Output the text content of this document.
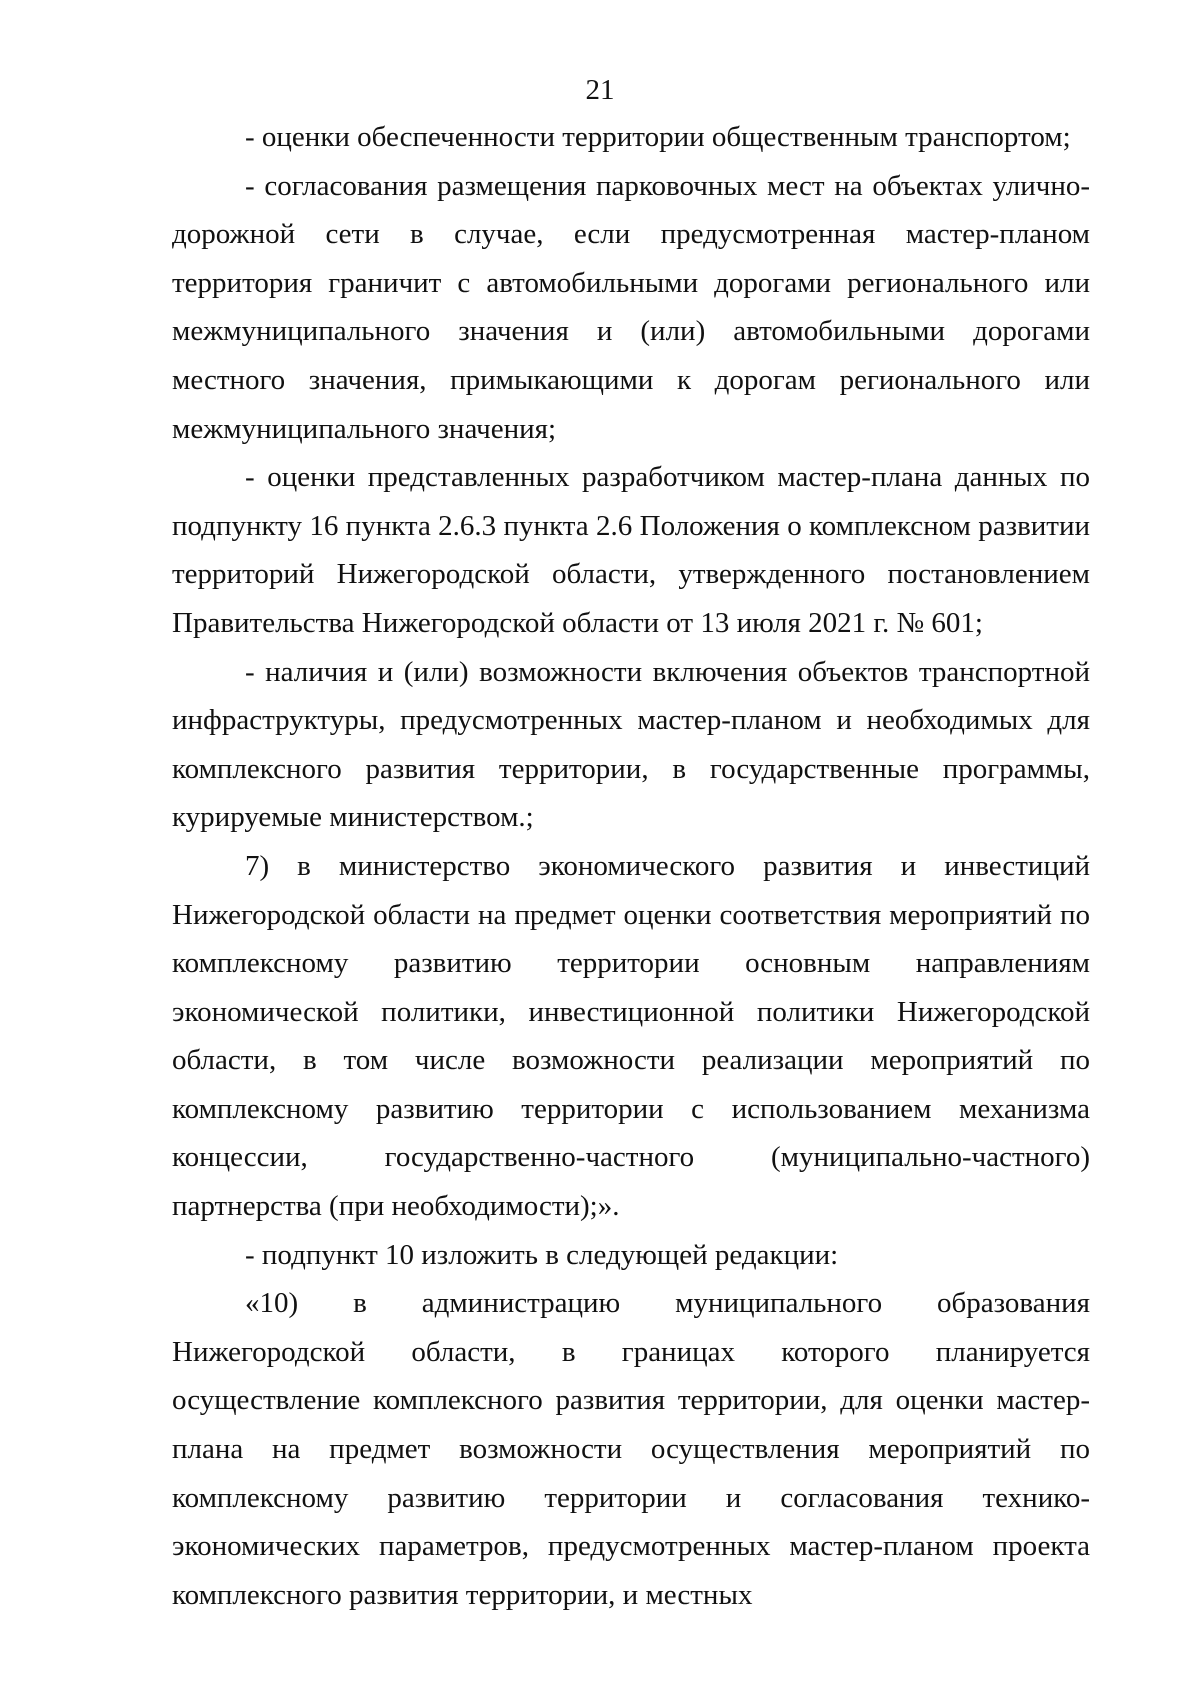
21

- оценки обеспеченности территории общественным транспортом;

- согласования размещения парковочных мест на объектах улично-дорожной сети в случае, если предусмотренная мастер-планом территория граничит с автомобильными дорогами регионального или межмуниципального значения и (или) автомобильными дорогами местного значения, примыкающими к дорогам регионального или межмуниципального значения;

- оценки представленных разработчиком мастер-плана данных по подпункту 16 пункта 2.6.3 пункта 2.6 Положения о комплексном развитии территорий Нижегородской области, утвержденного постановлением Правительства Нижегородской области от 13 июля 2021 г. № 601;

- наличия и (или) возможности включения объектов транспортной инфраструктуры, предусмотренных мастер-планом и необходимых для комплексного развития территории, в государственные программы, курируемые министерством.;

7) в министерство экономического развития и инвестиций Нижегородской области на предмет оценки соответствия мероприятий по комплексному развитию территории основным направлениям экономической политики, инвестиционной политики Нижегородской области, в том числе возможности реализации мероприятий по комплексному развитию территории с использованием механизма концессии, государственно-частного (муниципально-частного) партнерства (при необходимости);».

- подпункт 10 изложить в следующей редакции:

«10) в администрацию муниципального образования Нижегородской области, в границах которого планируется осуществление комплексного развития территории, для оценки мастер-плана на предмет возможности осуществления мероприятий по комплексному развитию территории и согласования технико-экономических параметров, предусмотренных мастер-планом проекта комплексного развития территории, и местных
